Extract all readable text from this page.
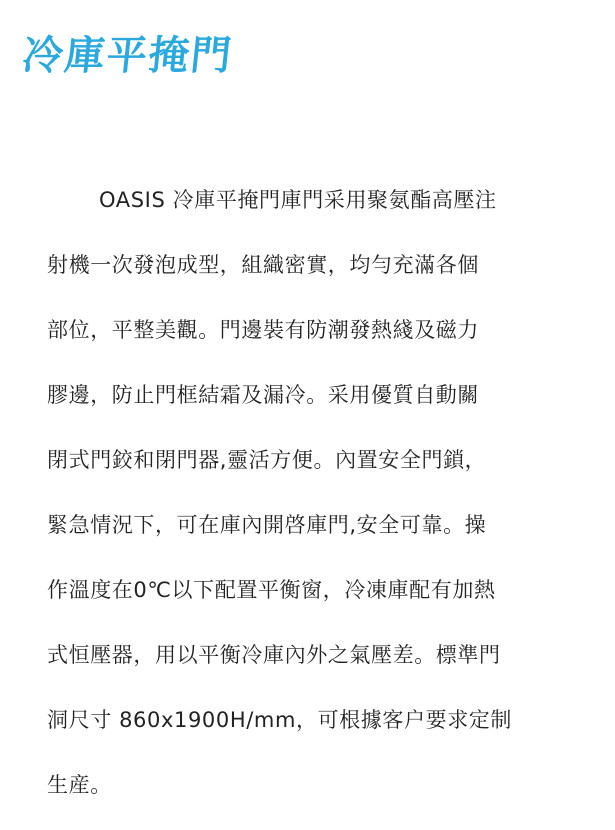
冷庫平掩門
OASIS 冷庫平掩門庫門采用聚氨酯高壓注
射機一次發泡成型，組織密實，均勻充滿各個
部位，平整美觀。門邊裝有防潮發熱綫及磁力
膠邊，防止門框結霜及漏冷。采用優質自動關
閉式門鉸和閉門器,靈活方便。內置安全門鎖，
緊急情況下，可在庫內開啓庫門,安全可靠。操
作溫度在0℃以下配置平衡窗，冷凍庫配有加熱
式恒壓器，用以平衡冷庫內外之氣壓差。標準門
洞尺寸 860x1900H/mm，可根據客户要求定制
生産。
